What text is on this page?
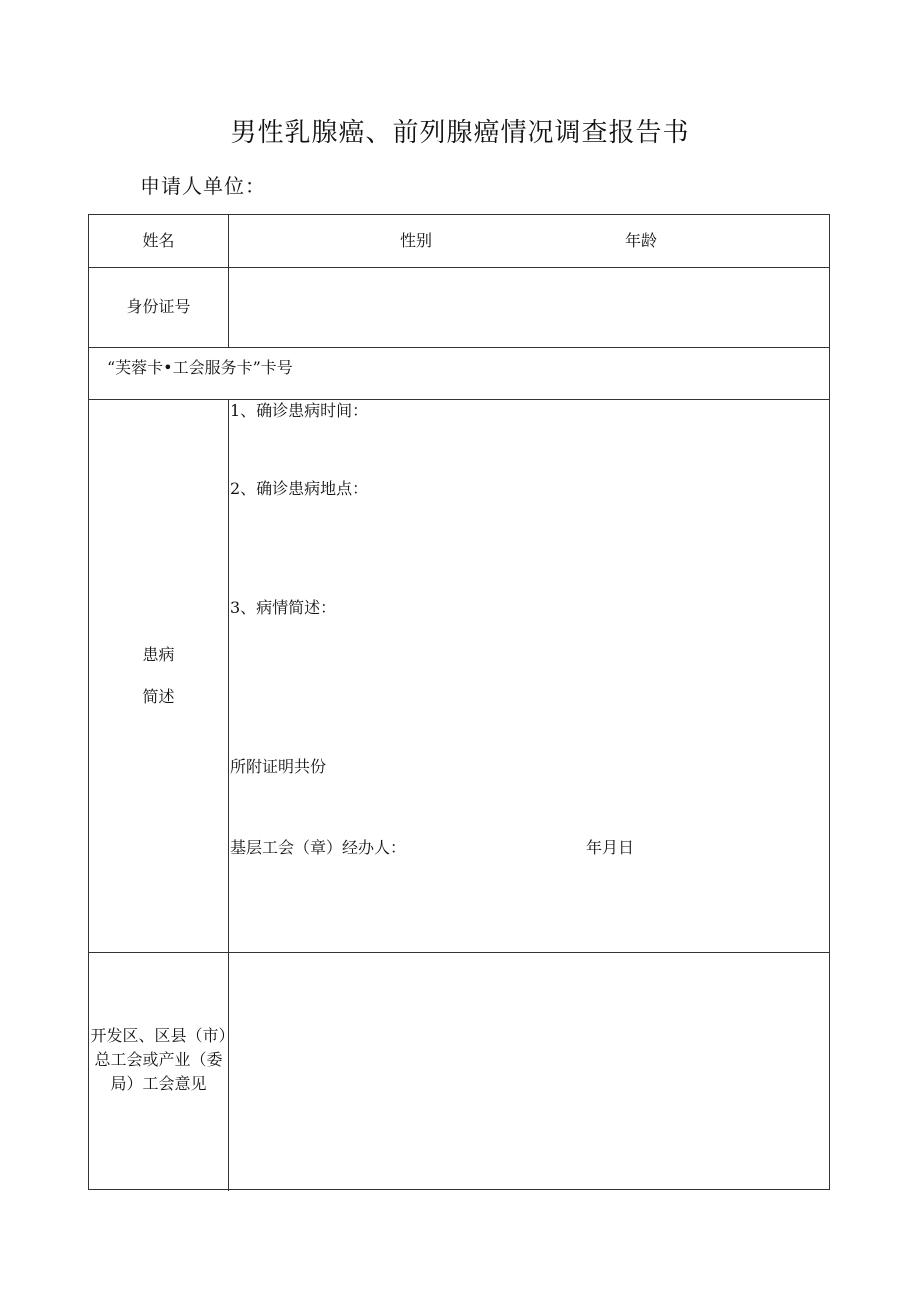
男性乳腺癌、前列腺癌情况调查报告书
申请人单位：
姓名	性别	年龄
身份证号
“芙蓉卡•工会服务卡”卡号
患病
简述
1、确诊患病时间：
2、确诊患病地点：
3、病情简述：
所附证明共份
基层工会（章）经办人：	年月日
开发区、区县（市）总工会或产业（委局）工会意见
